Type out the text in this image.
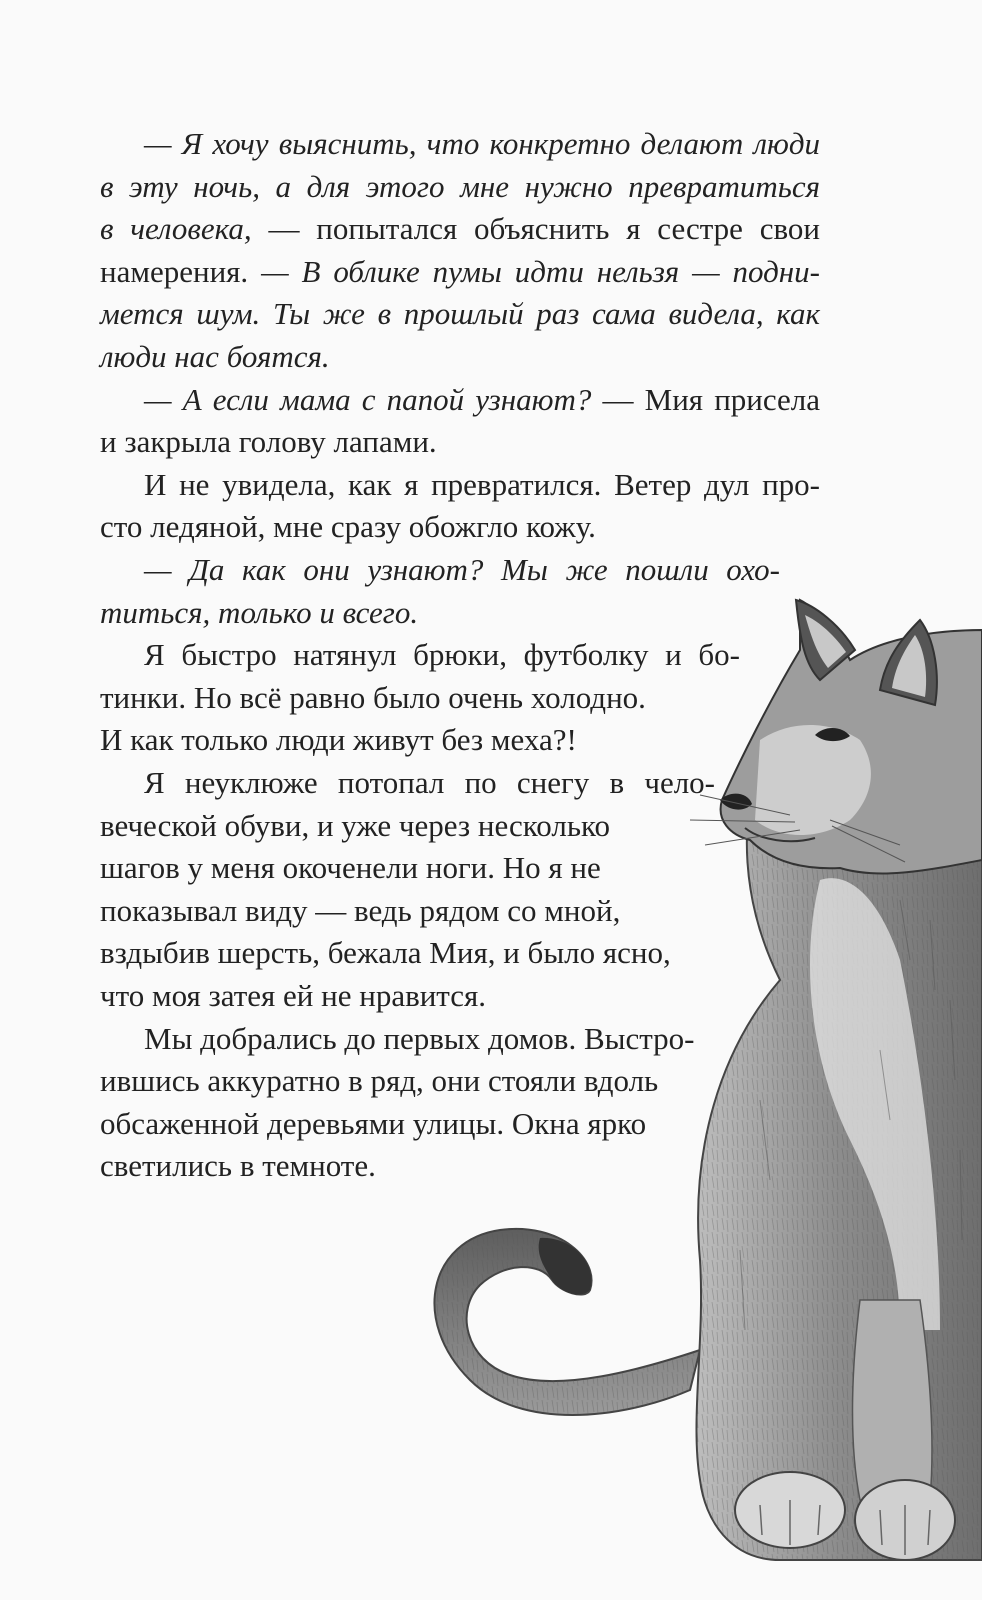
— Я хочу выяснить, что конкретно делают люди
в эту ночь, а для этого мне нужно превратиться
в человека, — попытался объяснить я сестре свои
намерения. — В облике пумы идти нельзя — подни-
мется шум. Ты же в прошлый раз сама видела, как
люди нас боятся.
— А если мама с папой узнают? — Мия присела
и закрыла голову лапами.
И не увидела, как я превратился. Ветер дул про-
сто ледяной, мне сразу обожгло кожу.
— Да как они узнают? Мы же пошли охо-
титься, только и всего.
Я быстро натянул брюки, футболку и бо-
тинки. Но всё равно было очень холодно.
И как только люди живут без меха?!
Я неуклюже потопал по снегу в чело-
веческой обуви, и уже через несколько
шагов у меня окоченели ноги. Но я не
показывал виду — ведь рядом со мной,
вздыбив шерсть, бежала Мия, и было ясно,
что моя затея ей не нравится.
Мы добрались до первых домов. Выстро-
ившись аккуратно в ряд, они стояли вдоль
обсаженной деревьями улицы. Окна ярко
светились в темноте.
